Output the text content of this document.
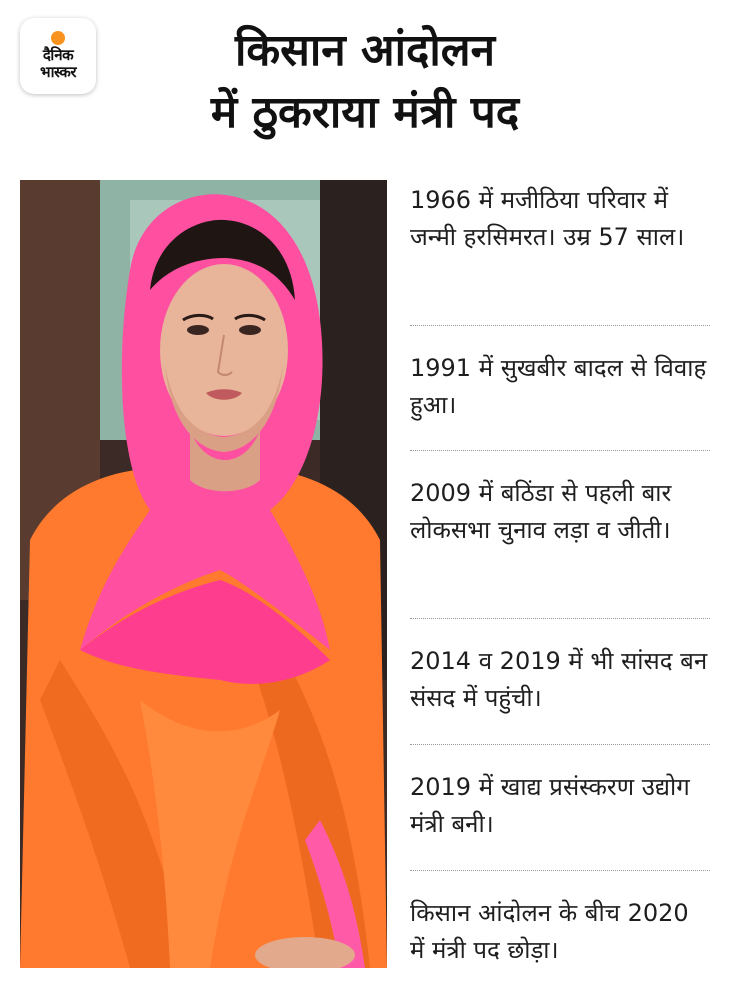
दैनिक
भास्कर	किसान आंदोलन
में ठुकराया मंत्री पद
1966 में मजीठिया परिवार में जन्मी हरसिमरत। उम्र 57 साल।
1991 में सुखबीर बादल से विवाह हुआ।
2009 में बठिंडा से पहली बार लोकसभा चुनाव लड़ा व जीती।
2014 व 2019 में भी सांसद बन संसद में पहुंची।
2019 में खाद्य प्रसंस्करण उद्योग मंत्री बनी।
किसान आंदोलन के बीच 2020 में मंत्री पद छोड़ा।
